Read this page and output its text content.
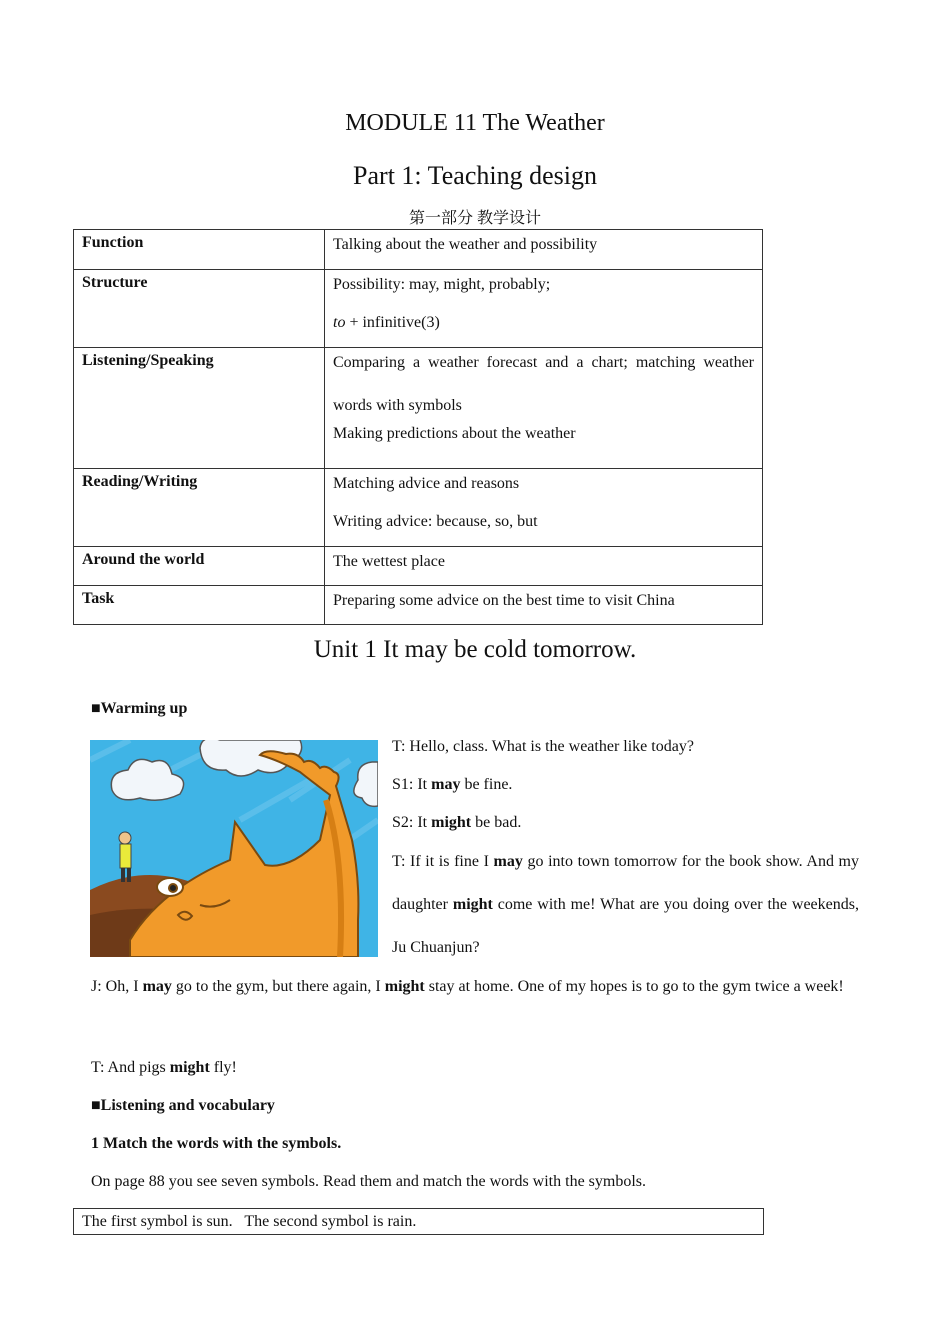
MODULE 11 The Weather
Part 1: Teaching design
第一部分 教学设计
Function	Talking about the weather and possibility

Structure	Possibility: may, might, probably;

to + infinitive(3)

Listening/Speaking	Comparing a weather forecast and a chart; matching weather words with symbols

Making predictions about the weather

Reading/Writing	Matching advice and reasons

Writing advice: because, so, but

Around the world	The wettest place

Task	Preparing some advice on the best time to visit China

Unit 1 It may be cold tomorrow.
■Warming up
T: Hello, class. What is the weather like today?
S1: It may be fine.
S2: It might be bad.
T: If it is fine I may go into town tomorrow for the book show. And my daughter might come with me! What are you doing over the weekends, Ju Chuanjun?
J: Oh, I may go to the gym, but there again, I might stay at home. One of my hopes is to go to the gym twice a week!
T: And pigs might fly!
■Listening and vocabulary
1 Match the words with the symbols.
On page 88 you see seven symbols. Read them and match the words with the symbols.
The first symbol is sun.   The second symbol is rain.
